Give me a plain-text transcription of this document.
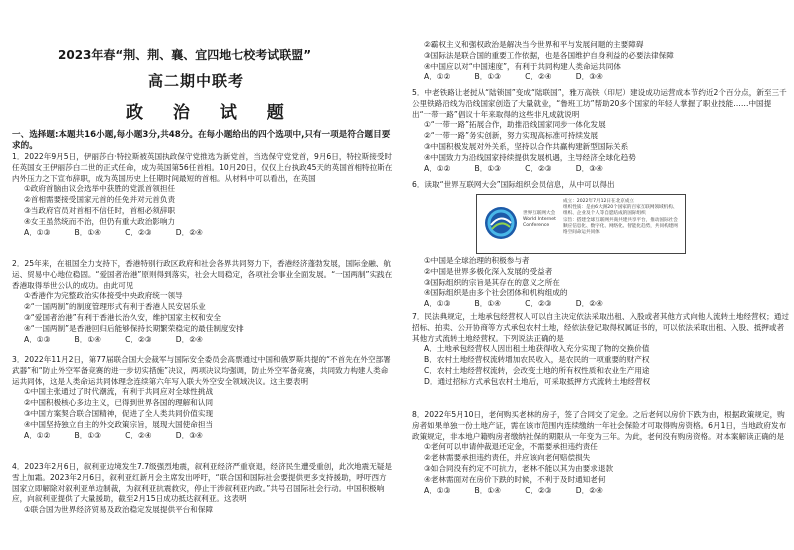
2023年春“荆、荆、襄、宜四地七校考试联盟”
高二期中联考
政 治 试 题
一、选择题:本题共16小题,每小题3分,共48分。在每小题给出的四个选项中,只有一项是符合题目要求的。
1．2022年9月5日，伊丽莎白·特拉斯被英国执政保守党推选为新党首，当选保守党党首，9月6日，特拉斯接受时任英国女王伊丽莎白二世的正式任命，成为英国第56任首相。10月20日，仅仅上台执政45天的英国首相特拉斯在内外压力之下宣布辞职，成为英国历史上任期时间最短的首相。从材料中可以看出，在英国
①政府首脑由议会选举中获胜的党派首领担任
②首相需要接受国家元首的任免并对元首负责
③当政府官员对首相不信任时，首相必须辞职
④女王虽然统而不治，但仍有重大政治影响力
A．①③          B．①④          C．②③          D．②④
2．25年来，在祖国全力支持下，香港特别行政区政府和社会各界共同努力下，香港经济蓬勃发展，国际金融、航运、贸易中心地位稳固。“爱国者治港”原则得到落实，社会大局稳定，各项社会事业全面发展。“一国两制”实践在香港取得举世公认的成功。由此可见
①香港作为完整政治实体接受中央政府统一领导
②“一国两制”的制度管理形式有利于香港人民安居乐业
③“爱国者治港”有利于香港长治久安，维护国家主权和安全
④“一国两制”是香港回归后能够保持长期繁荣稳定的最佳制度安排
A．①③          B．①④          C．②③          D．②④
3．2022年11月2日，第77届联合国大会裁军与国际安全委员会高票通过中国和俄罗斯共提的“不首先在外空部署武器”和“防止外空军备竞赛的进一步切实措施”决议，两项决议均强调，防止外空军备竞赛，共同致力构建人类命运共同体，这是人类命运共同体理念连续第六年写入联大外空安全领域决议。这主要表明
①中国主张通过了时代潮流，有利于共同应对全球性挑战
②中国积极核心多边主义，已得到世界各国的理解和认同
③中国方案契合联合国精神，促进了全人类共同价值实现
④中国坚持独立自主的外交政策宗旨，展现大国使命担当
A．①②          B．①③          C．②④          D．③④
4．2023年2月6日，叙利亚边境发生7.7级强烈地震，叙利亚经济严重衰退，经济民生遭受重创，此次地震无疑是雪上加霜。2023年2月6日，叙利亚红新月会主席发出呼吁，“联合国和国际社会要提供更多支持援助，呼吁西方国家立即解除对叙利亚单边制裁，为叙利亚抗震救灾，停止干涉叙利亚内政。”共号召国际社会行动。中国积极响应，向叙利亚提供了大量援助，截至2月15日成功抵达叙利亚。这表明
①联合国为世界经济贸易及政治稳定发展提供平台和保障
②霸权主义和强权政治是解决当今世界和平与发展问题的主要障碍
③国际法是联合国的重要工作依据，也是各国维护自身利益的必要法律保障
④中国应以对“中国速度”，有利于共同构建人类命运共同体
A．①②          B．①③          C．②④          D．③④
5．中老铁路让老挝从“陆锁国”变成“陆联国”，雅万高铁（印尼）建设成功运营成本节约近2个百分点，新至三千公里铁路沿线为沿线国家创造了大量就业，“鲁班工坊”帮助20多个国家的年轻人掌握了职业技能……中国提出“一带一路”倡议十年来取得的这些非凡成就说明
①“一带一路”拓展合作，助推沿线国家同步一体化发展
②“一带一路”务实创新，努力实现高标准可持续发展
③中国积极发展对外关系，坚持以合作共赢构建新型国际关系
④中国致力为沿线国家持续提供发展机遇，主导经济全球化趋势
A．①②          B．①③          C．②③          D．③④
6．读取“世界互联网大会”国际组织会员信息，从中可以得出
世界互联网大会 World Internet Conference
成立：2022年7月12日在北京成立
组织性质：是由6大洲20个国家的百家互联网领域机构、组织、企业及个人等自愿结成的国际组织
宗旨：搭建全球互联网共商共建共享平台，推动国际社会顺应信息化、数字化、网络化、智能化趋势，共同构建网络空间命运共同体
①中国是全球治理的积极参与者
②中国是世界多极化深入发展的受益者
③国际组织的宗旨是其存在的意义之所在
④国际组织是由多个社会团体和机构组成的
A．①③          B．①④          C．②③          D．②④
7．民法典规定，土地承包经营权人可以自主决定依法采取出租、入股或者其他方式向他人流转土地经营权；通过招标、拍卖、公开协商等方式承包农村土地，经依法登记取得权属证书的，可以依法采取出租、入股、抵押或者其他方式流转土地经营权。下列说法正确的是
A．土地承包经营权人因出租土地获得收入充分实现了物的交换价值
B．农村土地经营权流转增加农民收入，是农民的一项重要的财产权
C．农村土地经营权流转，会改变土地的所有权性质和农业生产用途
D．通过招标方式承包农村土地后，可采取抵押方式流转土地经营权
8．2022年5月10日，老何购买老林的房子，签了合同交了定金。之后老何以房价下跌为由，根据政策规定，购房者如果单独一份土地产证，需在该市范围内连续缴纳一年社会保险才可取得购房资格。6月1日，当地政府发布政策规定，非本地户籍购房者缴纳社保的期限从一年变为三年。为此，老何没有购房资格。对本案解读正确的是
①老何可以申请仲裁退还定金，不需要承担违约责任
②老林需要承担违约责任，并应该向老何赔偿损失
③如合同没有约定不可抗力，老林不能以其为由要求退款
④老林需面对在房价下跌的时候，不利于及时通知老何
A．①③          B．①④          C．②③          D．②④
